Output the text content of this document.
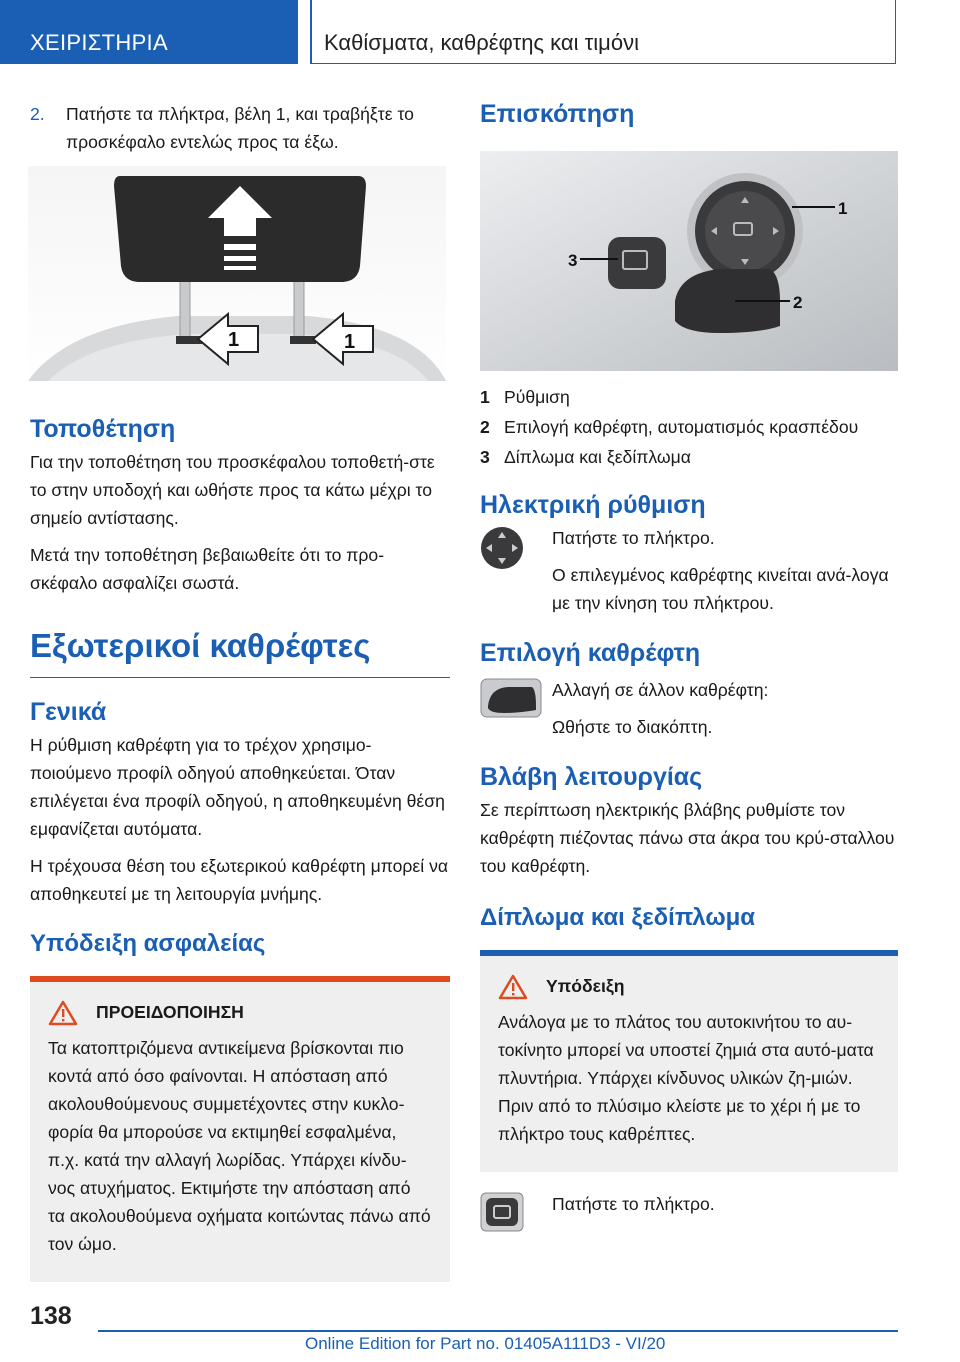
ΧΕΙΡΙΣΤΗΡΙΑ	Καθίσματα, καθρέφτης και τιμόνι

2. Πατήστε τα πλήκτρα, βέλη 1, και τραβήξτε το προσκέφαλο εντελώς προς τα έξω.

1	1
Τοποθέτηση

Για την τοποθέτηση του προσκέφαλου τοποθετή-στε το στην υποδοχή και ωθήστε προς τα κάτω μέχρι το σημείο αντίστασης.

Μετά την τοποθέτηση βεβαιωθείτε ότι το προ-σκέφαλο ασφαλίζει σωστά.

Εξωτερικοί καθρέφτες
Γενικά

Η ρύθμιση καθρέφτη για το τρέχον χρησιμο-ποιούμενο προφίλ οδηγού αποθηκεύεται. Όταν επιλέγεται ένα προφίλ οδηγού, η αποθηκευμένη θέση εμφανίζεται αυτόματα.

Η τρέχουσα θέση του εξωτερικού καθρέφτη μπορεί να αποθηκευτεί με τη λειτουργία μνήμης.

Υπόδειξη ασφαλείας
ΠΡΟΕΙΔΟΠΟΙΗΣΗ

Τα κατοπτριζόμενα αντικείμενα βρίσκονται πιο κοντά από όσο φαίνονται. Η απόσταση από ακολουθούμενους συμμετέχοντες στην κυκλο-φορία θα μπορούσε να εκτιμηθεί εσφαλμένα, π.χ. κατά την αλλαγή λωρίδας. Υπάρχει κίνδυ-νος ατυχήματος. Εκτιμήστε την απόσταση από τα ακολουθούμενα οχήματα κοιτώντας πάνω από τον ώμο.

Επισκόπηση
1
2
3
1 Ρύθμιση
2 Επιλογή καθρέφτη, αυτοματισμός κρασπέδου
3 Δίπλωμα και ξεδίπλωμα
Ηλεκτρική ρύθμιση

Πατήστε το πλήκτρο.

Ο επιλεγμένος καθρέφτης κινείται ανά-λογα με την κίνηση του πλήκτρου.

Επιλογή καθρέφτη

Αλλαγή σε άλλον καθρέφτη:

Ωθήστε το διακόπτη.

Βλάβη λειτουργίας

Σε περίπτωση ηλεκτρικής βλάβης ρυθμίστε τον καθρέφτη πιέζοντας πάνω στα άκρα του κρύ-σταλλου του καθρέφτη.

Δίπλωμα και ξεδίπλωμα
Υπόδειξη

Ανάλογα με το πλάτος του αυτοκινήτου το αυ-τοκίνητο μπορεί να υποστεί ζημιά στα αυτό-ματα πλυντήρια. Υπάρχει κίνδυνος υλικών ζη-μιών. Πριν από το πλύσιμο κλείστε με το χέρι ή με το πλήκτρο τους καθρέπτες.

Πατήστε το πλήκτρο.

138
Online Edition for Part no. 01405A111D3 - VI/20
